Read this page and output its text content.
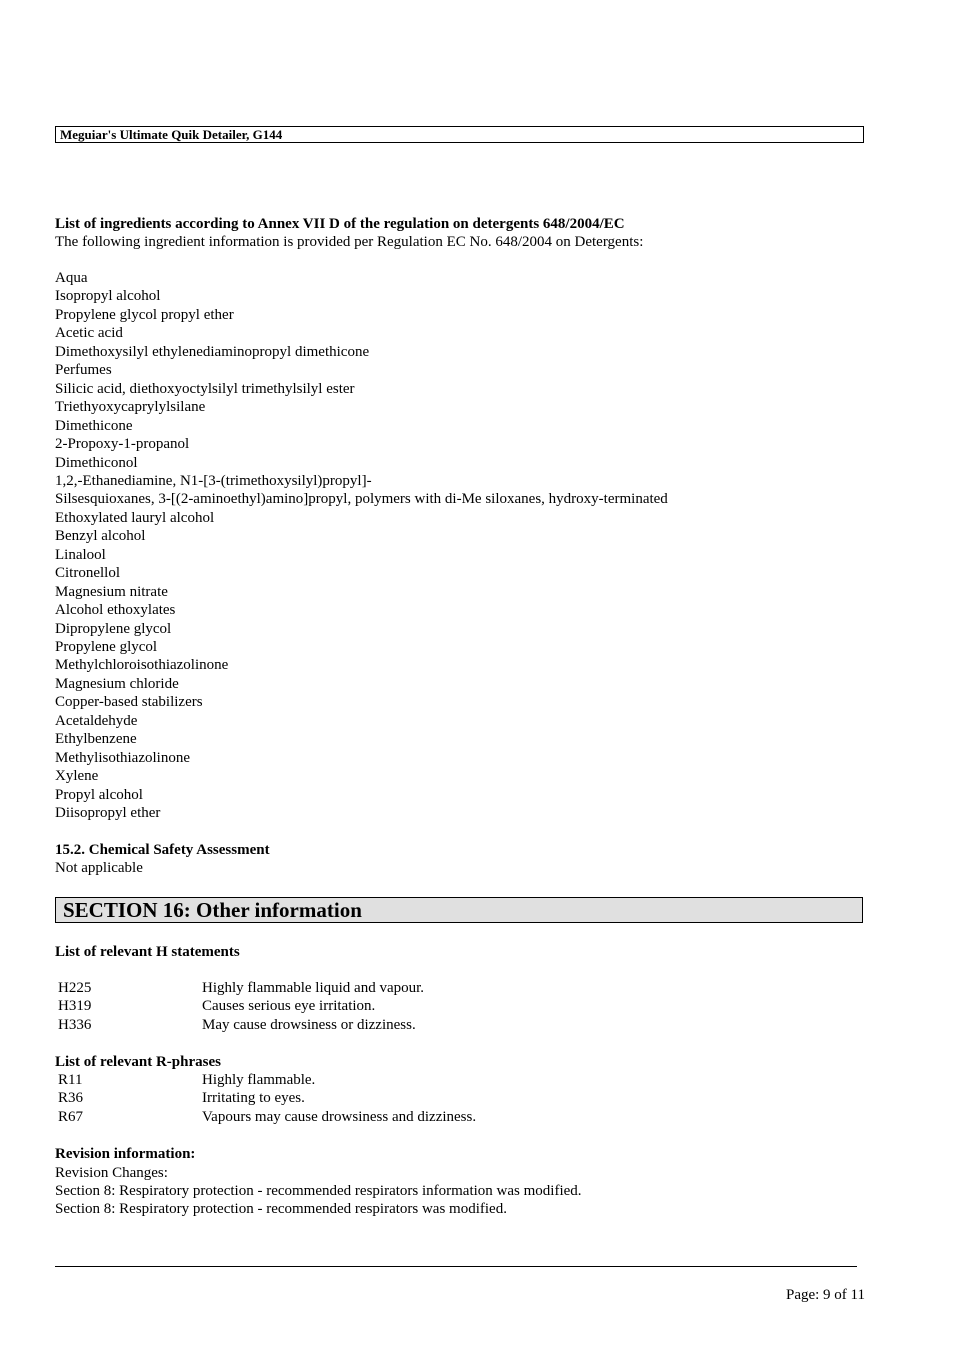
Meguiar's Ultimate Quik Detailer, G144
List of ingredients according to Annex VII D of the regulation on detergents 648/2004/EC
The following ingredient information is provided per Regulation EC No. 648/2004 on Detergents:
Aqua
Isopropyl alcohol
Propylene glycol propyl ether
Acetic acid
Dimethoxysilyl ethylenediaminopropyl dimethicone
Perfumes
Silicic acid, diethoxyoctylsilyl trimethylsilyl ester
Triethyoxycaprylylsilane
Dimethicone
2-Propoxy-1-propanol
Dimethiconol
1,2,-Ethanediamine, N1-[3-(trimethoxysilyl)propyl]-
Silsesquioxanes, 3-[(2-aminoethyl)amino]propyl, polymers with di-Me siloxanes, hydroxy-terminated
Ethoxylated lauryl alcohol
Benzyl alcohol
Linalool
Citronellol
Magnesium nitrate
Alcohol ethoxylates
Dipropylene glycol
Propylene glycol
Methylchloroisothiazolinone
Magnesium chloride
Copper-based stabilizers
Acetaldehyde
Ethylbenzene
Methylisothiazolinone
Xylene
Propyl alcohol
Diisopropyl ether
15.2. Chemical Safety Assessment
Not applicable
SECTION 16: Other information
List of relevant H statements
H225	Highly flammable liquid and vapour.
H319	Causes serious eye irritation.
H336	May cause drowsiness or dizziness.
List of relevant R-phrases
R11	Highly flammable.
R36	Irritating to eyes.
R67	Vapours may cause drowsiness and dizziness.
Revision information:
Revision Changes:
Section 8: Respiratory protection - recommended respirators information was modified.
Section 8: Respiratory protection - recommended respirators was modified.
Page: 9 of 11
